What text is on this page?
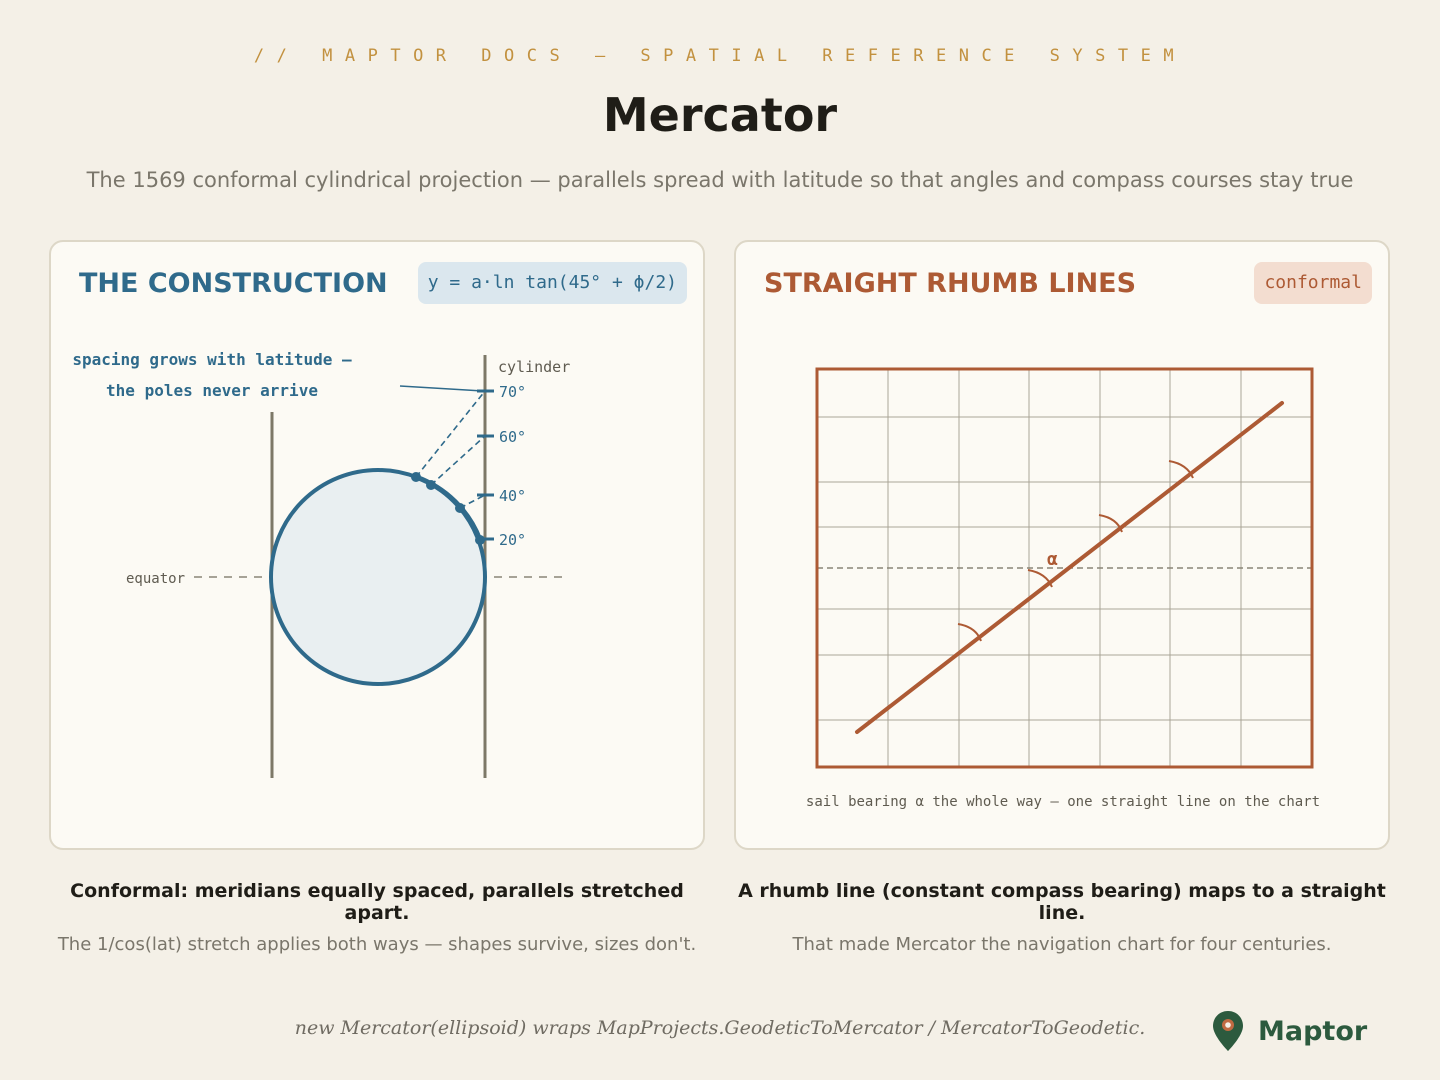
// MAPTOR DOCS — SPATIAL REFERENCE SYSTEM
Mercator
The 1569 conformal cylindrical projection — parallels spread with latitude so that angles and compass courses stay true
THE CONSTRUCTION	y = a·ln tan(45° + ϕ/2)
70°
60°
40°
20°
cylinder
equator
spacing grows with latitude —
the poles never arrive
STRAIGHT RHUMB LINES	conformal
α
sail bearing α the whole way — one straight line on the chart
Conformal: meridians equally spaced, parallels stretched apart.
The 1/cos(lat) stretch applies both ways — shapes survive, sizes don't.
A rhumb line (constant compass bearing) maps to a straight line.
That made Mercator the navigation chart for four centuries.
new Mercator(ellipsoid) wraps MapProjects.GeodeticToMercator / MercatorToGeodetic.	Maptor
